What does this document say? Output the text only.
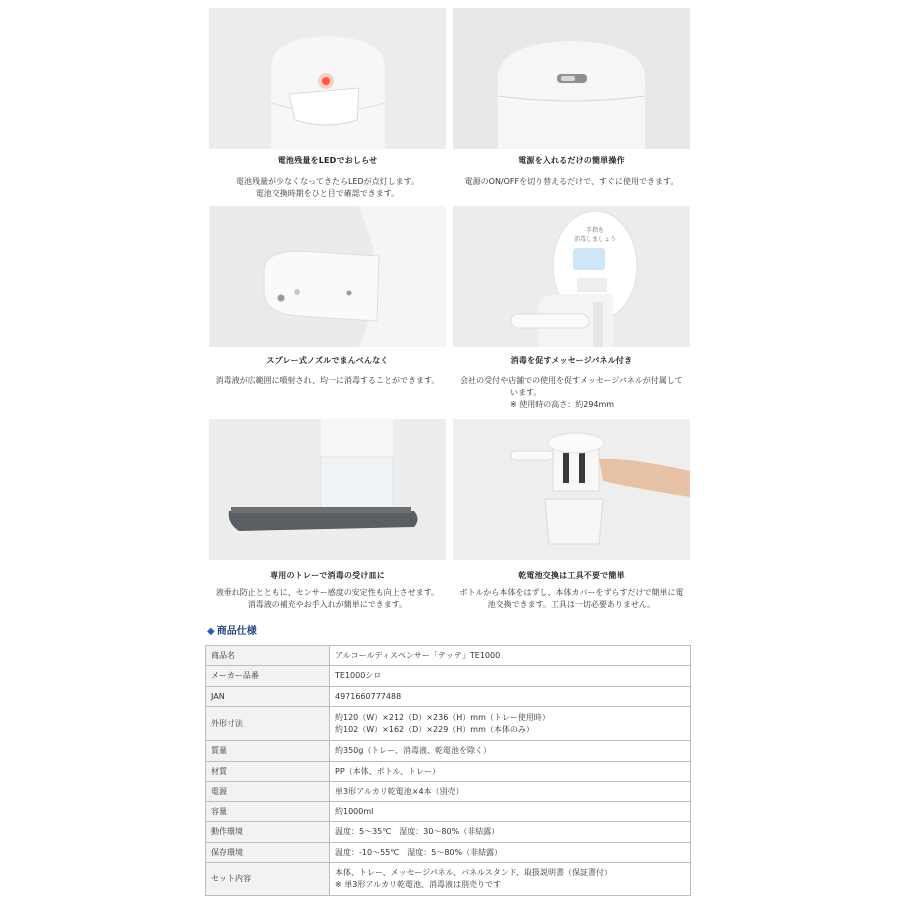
電池残量をLEDでおしらせ
電池残量が少なくなってきたらLEDが点灯します。
電池交換時期をひと目で確認できます。
電源を入れるだけの簡単操作
電源のON/OFFを切り替えるだけで、すぐに使用できます。
手指を
消毒しましょう
スプレー式ノズルでまんべんなく
消毒液が広範囲に噴射され、均一に消毒することができます。
消毒を促すメッセージパネル付き
会社の受付や店舗での使用を促すメッセージパネルが付属して
います。
※ 使用時の高さ：約294mm
専用のトレーで消毒の受け皿に
液垂れ防止とともに、センサー感度の安定性も向上させます。
消毒液の補充やお手入れが簡単にできます。
乾電池交換は工具不要で簡単
ボトルから本体をはずし、本体カバーをずらすだけで簡単に電
池交換できます。工具は一切必要ありません。
◆ 商品仕様
商品名	アルコールディスペンサー「テッテ」TE1000

メーカー品番	TE1000シロ

JAN	4971660777488

外形寸法	約120（W）×212（D）×236（H）mm（トレー使用時）
約102（W）×162（D）×229（H）mm（本体のみ）

質量	約350g（トレー、消毒液、乾電池を除く）

材質	PP（本体、ボトル、トレー）

電源	単3形アルカリ乾電池×4本（別売）

容量	約1000ml

動作環境	温度：5～35℃　湿度：30～80%（非結露）

保存環境	温度：-10～55℃　湿度：5～80%（非結露）

セット内容	本体、トレー、メッセージパネル、パネルスタンド、取扱説明書（保証書付）
※ 単3形アルカリ乾電池、消毒液は別売りです
